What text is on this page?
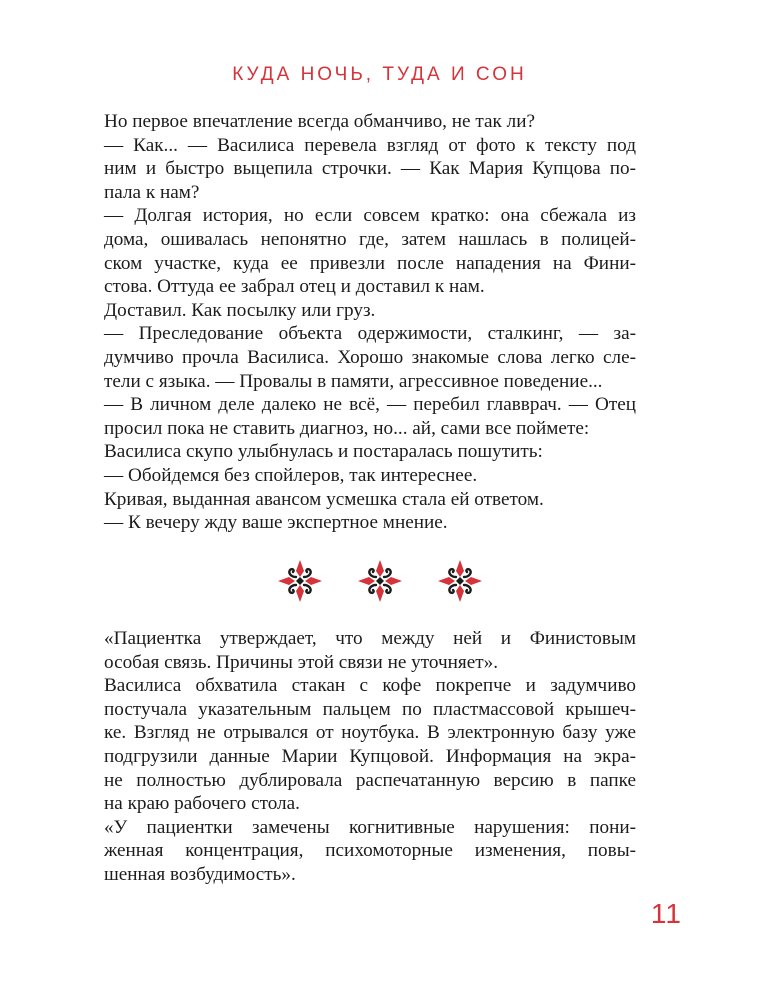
КУДА НОЧЬ, ТУДА И СОН
Но первое впечатление всегда обманчиво, не так ли?
— Как... — Василиса перевела взгляд от фото к тексту под
ним и быстро выцепила строчки. — Как Мария Купцова по-
пала к нам?
— Долгая история, но если совсем кратко: она сбежала из
дома, ошивалась непонятно где, затем нашлась в полицей-
ском участке, куда ее привезли после нападения на Фини-
стова. Оттуда ее забрал отец и доставил к нам.
Доставил. Как посылку или груз.
— Преследование объекта одержимости, сталкинг, — за-
думчиво прочла Василиса. Хорошо знакомые слова легко сле-
тели с языка. — Провалы в памяти, агрессивное поведение...
— В личном деле далеко не всё, — перебил главврач. — Отец
просил пока не ставить диагноз, но... ай, сами все поймете:
Василиса скупо улыбнулась и постаралась пошутить:
— Обойдемся без спойлеров, так интереснее.
Кривая, выданная авансом усмешка стала ей ответом.
— К вечеру жду ваше экспертное мнение.
«Пациентка утверждает, что между ней и Финистовым
особая связь. Причины этой связи не уточняет».
Василиса обхватила стакан с кофе покрепче и задумчиво
постучала указательным пальцем по пластмассовой крышеч-
ке. Взгляд не отрывался от ноутбука. В электронную базу уже
подгрузили данные Марии Купцовой. Информация на экра-
не полностью дублировала распечатанную версию в папке
на краю рабочего стола.
«У пациентки замечены когнитивные нарушения: пони-
женная концентрация, психомоторные изменения, повы-
шенная возбудимость».
11
